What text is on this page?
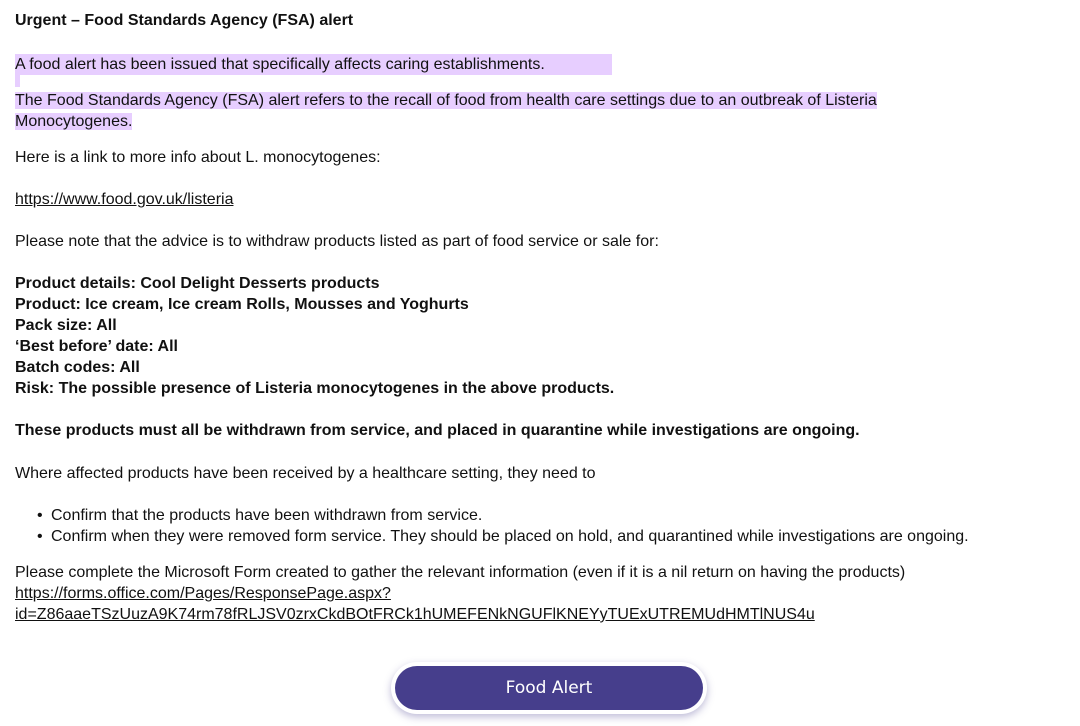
Urgent – Food Standards Agency (FSA) alert

A food alert has been issued that specifically affects caring establishments.
The Food Standards Agency (FSA) alert refers to the recall of food from health care settings due to an outbreak of Listeria Monocytogenes.
Here is a link to more info about L. monocytogenes:
https://www.food.gov.uk/listeria
Please note that the advice is to withdraw products listed as part of food service or sale for:
Product details: Cool Delight Desserts products
Product: Ice cream, Ice cream Rolls, Mousses and Yoghurts
Pack size: All
‘Best before’ date: All
Batch codes: All
Risk: The possible presence of Listeria monocytogenes in the above products.
These products must all be withdrawn from service, and placed in quarantine while investigations are ongoing.
Where affected products have been received by a healthcare setting, they need to
• Confirm that the products have been withdrawn from service.
• Confirm when they were removed form service. They should be placed on hold, and quarantined while investigations are ongoing.
Please complete the Microsoft Form created to gather the relevant information (even if it is a nil return on having the products) https://forms.office.com/Pages/ResponsePage.aspx?
id=Z86aaeTSzUuzA9K74rm78fRLJSV0zrxCkdBOtFRCk1hUMEFENkNGUFlKNEYyTUExUTREMUdHMTlNUS4u
Food Alert
